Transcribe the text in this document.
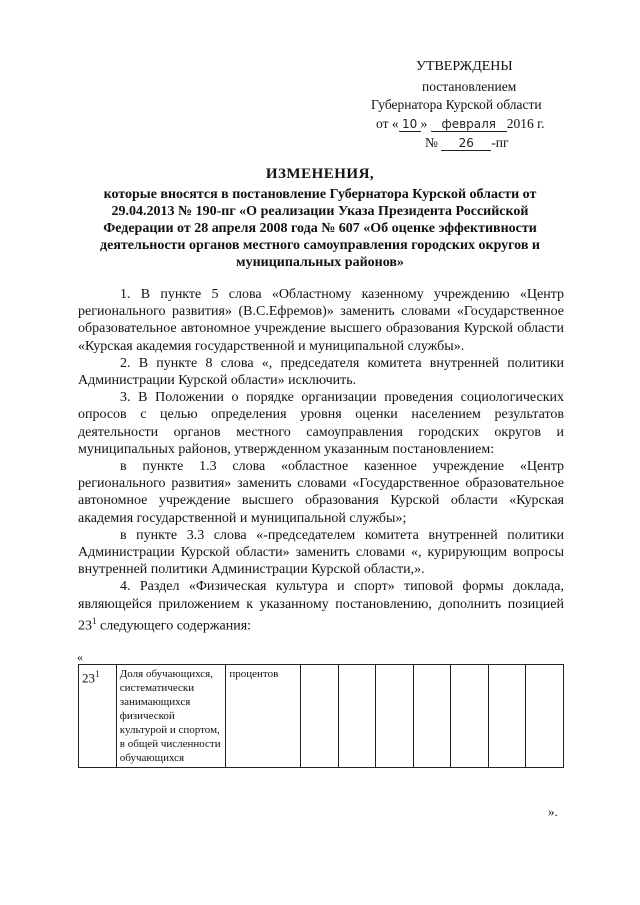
УТВЕРЖДЕНЫ
постановлением
Губернатора Курской области
от « 10 » февраля 2016 г.
№ 26 -пг
ИЗМЕНЕНИЯ,
которые вносятся в постановление Губернатора Курской области от 29.04.2013 № 190-пг «О реализации Указа Президента Российской Федерации от 28 апреля 2008 года № 607 «Об оценке эффективности деятельности органов местного самоуправления городских округов и муниципальных районов»

1. В пункте 5 слова «Областному казенному учреждению «Центр регионального развития» (В.С.Ефремов)» заменить словами «Государственное образовательное автономное учреждение высшего образования Курской области «Курская академия государственной и муниципальной службы».

2. В пункте 8 слова «, председателя комитета внутренней политики Администрации Курской области» исключить.

3. В Положении о порядке организации проведения социологических опросов с целью определения уровня оценки населением результатов деятельности органов местного самоуправления городских округов и муниципальных районов, утвержденном указанным постановлением:

в пункте 1.3 слова «областное казенное учреждение «Центр регионального развития» заменить словами «Государственное образовательное автономное учреждение высшего образования Курской области «Курская академия государственной и муниципальной службы»;

в пункте 3.3 слова «-председателем комитета внутренней политики Администрации Курской области» заменить словами «, курирующим вопросы внутренней политики Администрации Курской области,».

4. Раздел «Физическая культура и спорт» типовой формы доклада, являющейся приложением к указанному постановлению, дополнить позицией $23^1$ следующего содержания:

«
$23^1$	Доля обучающихся, систематически занимающихся физической культурой и спортом, в общей численности обучающихся	процентов							
».
